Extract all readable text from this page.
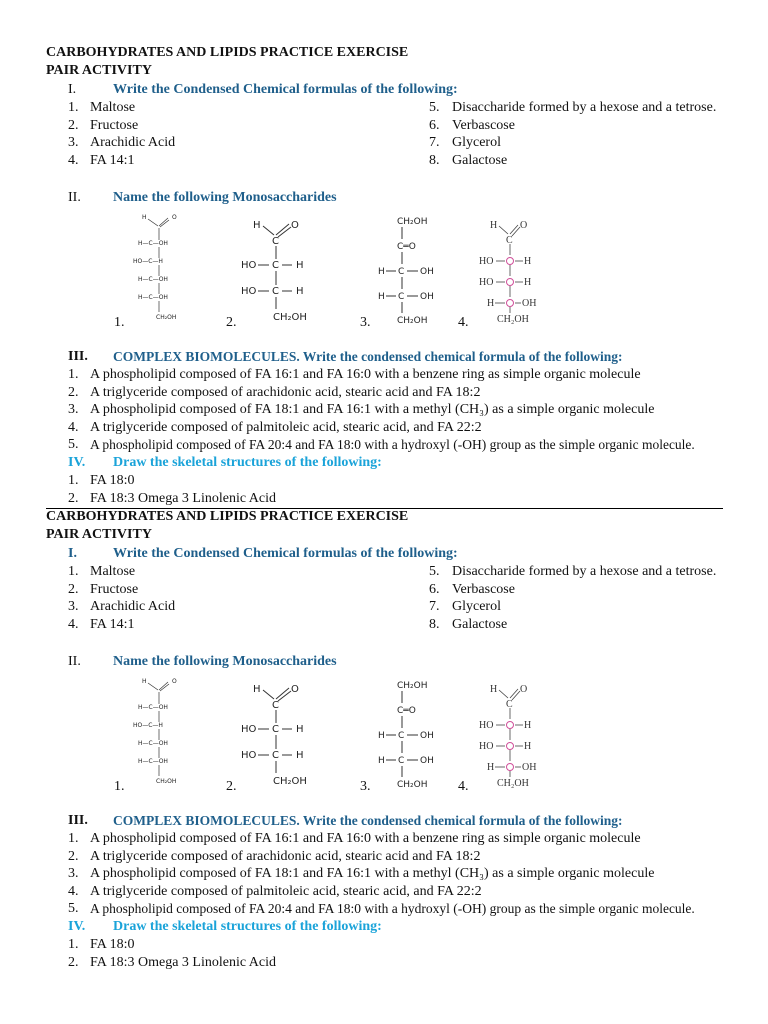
CARBOHYDRATES AND LIPIDS PRACTICE EXERCISE
PAIR ACTIVITY
I.	Write the Condensed Chemical formulas of the following:
1. Maltose
2. Fructose
3. Arachidic Acid
4. FA 14:1
5. Disaccharide formed by a hexose and a tetrose.
6. Verbascose
7. Glycerol
8. Galactose
II. Name the following Monosaccharides
H	O
H—C—OH
HO—C—H
H—C—OH
H—C—OH
CH₂OH
H	O
C
HO C H
HO C H
CH₂OH
CH₂OH
C═O
H C OH
H C OH
CH₂OH
H O
C
HO	H
HO	H
H	OH
CH₂OH
1.	2.	3.	4.
III. COMPLEX BIOMOLECULES. Write the condensed chemical formula of the following:
1. A phospholipid composed of FA 16:1 and FA 16:0 with a benzene ring as simple organic molecule
2. A triglyceride composed of arachidonic acid, stearic acid and FA 18:2
3. A phospholipid composed of FA 18:1 and FA 16:1 with a methyl (CH₃) as a simple organic molecule
4. A triglyceride composed of palmitoleic acid, stearic acid, and FA 22:2
5. A phospholipid composed of FA 20:4 and FA 18:0 with a hydroxyl (-OH) group as the simple organic molecule.
IV. Draw the skeletal structures of the following:
1. FA 18:0
2. FA 18:3 Omega 3 Linolenic Acid
CARBOHYDRATES AND LIPIDS PRACTICE EXERCISE
PAIR ACTIVITY
I.	Write the Condensed Chemical formulas of the following:
1. Maltose
2. Fructose
3. Arachidic Acid
4. FA 14:1
5. Disaccharide formed by a hexose and a tetrose.
6. Verbascose
7. Glycerol
8. Galactose
II. Name the following Monosaccharides
H	O
H—C—OH
HO—C—H
H—C—OH
H—C—OH
CH₂OH
H	O
C
HO C H
HO C H
CH₂OH
CH₂OH
C═O
H C OH
H C OH
CH₂OH
H O
C
HO	H
HO	H
H	OH
CH₂OH
1.	2.	3.	4.
III. COMPLEX BIOMOLECULES. Write the condensed chemical formula of the following:
1. A phospholipid composed of FA 16:1 and FA 16:0 with a benzene ring as simple organic molecule
2. A triglyceride composed of arachidonic acid, stearic acid and FA 18:2
3. A phospholipid composed of FA 18:1 and FA 16:1 with a methyl (CH₃) as a simple organic molecule
4. A triglyceride composed of palmitoleic acid, stearic acid, and FA 22:2
5. A phospholipid composed of FA 20:4 and FA 18:0 with a hydroxyl (-OH) group as the simple organic molecule.
IV. Draw the skeletal structures of the following:
1. FA 18:0
2. FA 18:3 Omega 3 Linolenic Acid
